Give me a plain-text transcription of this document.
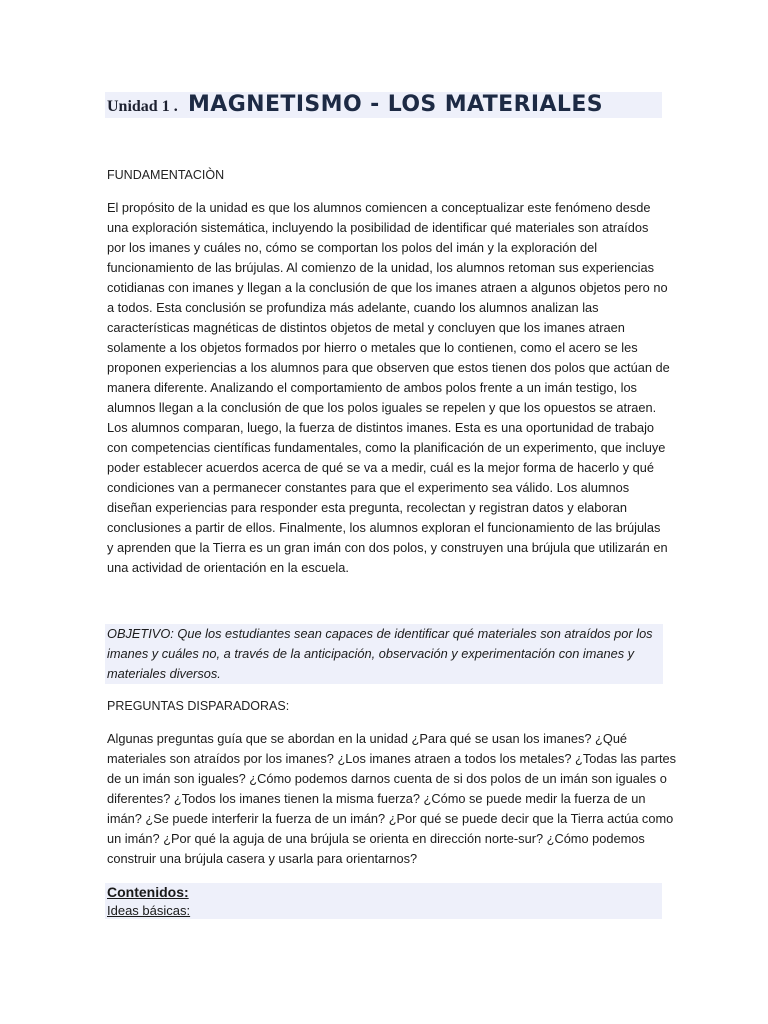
Unidad 1 . MAGNETISMO - LOS MATERIALES
FUNDAMENTACIÒN
El propósito de la unidad es que los alumnos comiencen a conceptualizar este fenómeno desde
una exploración sistemática, incluyendo la posibilidad de identificar qué materiales son atraídos
por los imanes y cuáles no, cómo se comportan los polos del imán y la exploración del
funcionamiento de las brújulas. Al comienzo de la unidad, los alumnos retoman sus experiencias
cotidianas con imanes y llegan a la conclusión de que los imanes atraen a algunos objetos pero no
a todos. Esta conclusión se profundiza más adelante, cuando los alumnos analizan las
características magnéticas de distintos objetos de metal y concluyen que los imanes atraen
solamente a los objetos formados por hierro o metales que lo contienen, como el acero se les
proponen experiencias a los alumnos para que observen que estos tienen dos polos que actúan de
manera diferente. Analizando el comportamiento de ambos polos frente a un imán testigo, los
alumnos llegan a la conclusión de que los polos iguales se repelen y que los opuestos se atraen.
Los alumnos comparan, luego, la fuerza de distintos imanes. Esta es una oportunidad de trabajo
con competencias científicas fundamentales, como la planificación de un experimento, que incluye
poder establecer acuerdos acerca de qué se va a medir, cuál es la mejor forma de hacerlo y qué
condiciones van a permanecer constantes para que el experimento sea válido. Los alumnos
diseñan experiencias para responder esta pregunta, recolectan y registran datos y elaboran
conclusiones a partir de ellos. Finalmente, los alumnos exploran el funcionamiento de las brújulas
y aprenden que la Tierra es un gran imán con dos polos, y construyen una brújula que utilizarán en
una actividad de orientación en la escuela.
OBJETIVO: Que los estudiantes sean capaces de identificar qué materiales son atraídos por los
imanes y cuáles no, a través de la anticipación, observación y experimentación con imanes y
materiales diversos.
PREGUNTAS DISPARADORAS:
Algunas preguntas guía que se abordan en la unidad ¿Para qué se usan los imanes? ¿Qué
materiales son atraídos por los imanes? ¿Los imanes atraen a todos los metales? ¿Todas las partes
de un imán son iguales? ¿Cómo podemos darnos cuenta de si dos polos de un imán son iguales o
diferentes? ¿Todos los imanes tienen la misma fuerza? ¿Cómo se puede medir la fuerza de un
imán? ¿Se puede interferir la fuerza de un imán? ¿Por qué se puede decir que la Tierra actúa como
un imán? ¿Por qué la aguja de una brújula se orienta en dirección norte-sur? ¿Cómo podemos
construir una brújula casera y usarla para orientarnos?
Contenidos:
Ideas básicas:
